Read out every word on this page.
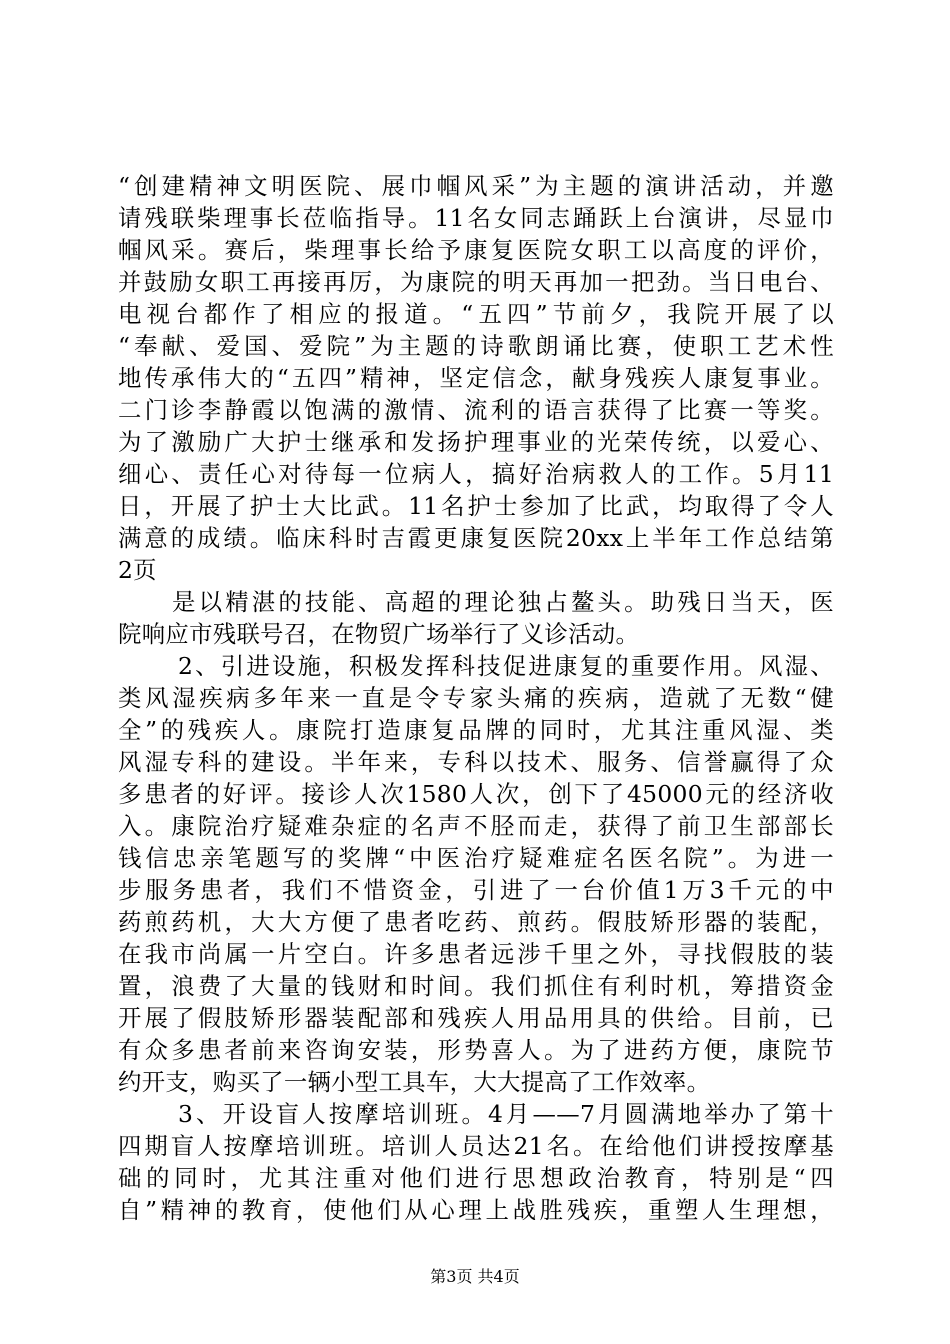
“创建精神文明医院、展巾帼风采”为主题的演讲活动，并邀
请残联柴理事长莅临指导。11名女同志踊跃上台演讲，尽显巾
帼风采。赛后，柴理事长给予康复医院女职工以高度的评价，
并鼓励女职工再接再厉，为康院的明天再加一把劲。当日电台、
电视台都作了相应的报道。“五四”节前夕，我院开展了以
“奉献、爱国、爱院”为主题的诗歌朗诵比赛，使职工艺术性
地传承伟大的“五四”精神，坚定信念，献身残疾人康复事业。
二门诊李静霞以饱满的激情、流利的语言获得了比赛一等奖。
为了激励广大护士继承和发扬护理事业的光荣传统，以爱心、
细心、责任心对待每一位病人，搞好治病救人的工作。5月11
日，开展了护士大比武。11名护士参加了比武，均取得了令人
满意的成绩。临床科时吉霞更康复医院20xx上半年工作总结第
2页
是以精湛的技能、高超的理论独占鳌头。助残日当天，医
院响应市残联号召，在物贸广场举行了义诊活动。
2、引进设施，积极发挥科技促进康复的重要作用。风湿、
类风湿疾病多年来一直是令专家头痛的疾病，造就了无数“健
全”的残疾人。康院打造康复品牌的同时，尤其注重风湿、类
风湿专科的建设。半年来，专科以技术、服务、信誉赢得了众
多患者的好评。接诊人次1580人次，创下了45000元的经济收
入。康院治疗疑难杂症的名声不胫而走，获得了前卫生部部长
钱信忠亲笔题写的奖牌“中医治疗疑难症名医名院”。为进一
步服务患者，我们不惜资金，引进了一台价值1万3千元的中
药煎药机，大大方便了患者吃药、煎药。假肢矫形器的装配，
在我市尚属一片空白。许多患者远涉千里之外，寻找假肢的装
置，浪费了大量的钱财和时间。我们抓住有利时机，筹措资金
开展了假肢矫形器装配部和残疾人用品用具的供给。目前，已
有众多患者前来咨询安装，形势喜人。为了进药方便，康院节
约开支，购买了一辆小型工具车，大大提高了工作效率。
3、开设盲人按摩培训班。4月——7月圆满地举办了第十
四期盲人按摩培训班。培训人员达21名。在给他们讲授按摩基
础的同时，尤其注重对他们进行思想政治教育，特别是“四
自”精神的教育，使他们从心理上战胜残疾，重塑人生理想，
第3页 共4页
